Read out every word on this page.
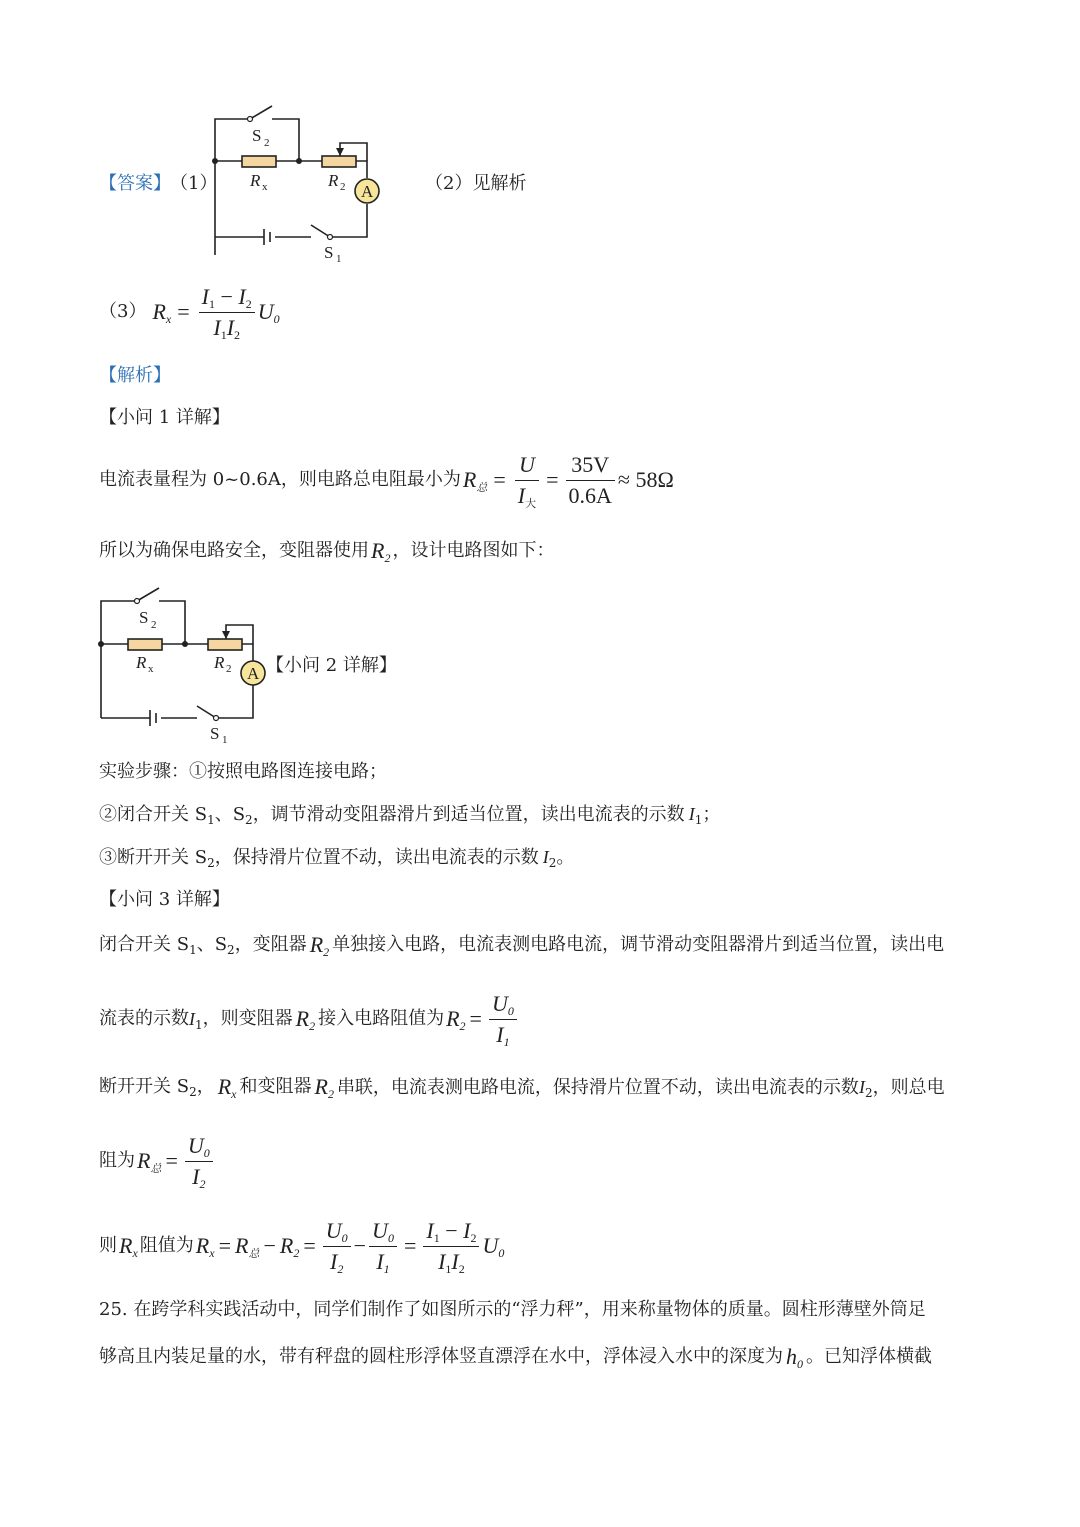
【答案】 （1）	（2）见解析
A
S 2
R x	R 2
S 1
（3） $R_x = \frac{I_1 - I_2}{I_1I_2} U_0$
【解析】
【小问 1 详解】
电流表量程为 0~0.6A，则电路总电阻最小为 $R_总 = \frac{U}{I_大} = \frac{35V}{0.6A} \approx 58\Omega$
所以为确保电路安全，变阻器使用 $R_2$ ，设计电路图如下：
A
S 2
R x	R 2
S 1
【小问 2 详解】
实验步骤：①按照电路图连接电路；
②闭合开关 $S_1$、$S_2$，调节滑动变阻器滑片到适当位置，读出电流表的示数 $I_1$；
③断开开关 $S_2$，保持滑片位置不动，读出电流表的示数 $I_2$。
【小问 3 详解】
闭合开关 $S_1$、$S_2$，变阻器 $R_2$ 单独接入电路，电流表测电路电流，调节滑动变阻器滑片到适当位置，读出电
流表的示数 $I_1$ ，则变阻器 $R_2$ 接入电路阻值为 $R_2 = \frac{U_0}{I_1}$
断开开关 $S_2$， $R_x$ 和变阻器 $R_2$ 串联，电流表测电路电流，保持滑片位置不动，读出电流表的示数$I_2$，则总电
阻为 $R_总 = \frac{U_0}{I_2}$
则 $R_x$ 阻值为 $R_x = R_总 - R_2 = \frac{U_0}{I_2} - \frac{U_0}{I_1} = \frac{I_1 - I_2}{I_1I_2} U_0$
25. 在跨学科实践活动中，同学们制作了如图所示的“浮力秤”，用来称量物体的质量。圆柱形薄壁外筒足
够高且内装足量的水，带有秤盘的圆柱形浮体竖直漂浮在水中，浮体浸入水中的深度为 $h_0$ 。已知浮体横截
